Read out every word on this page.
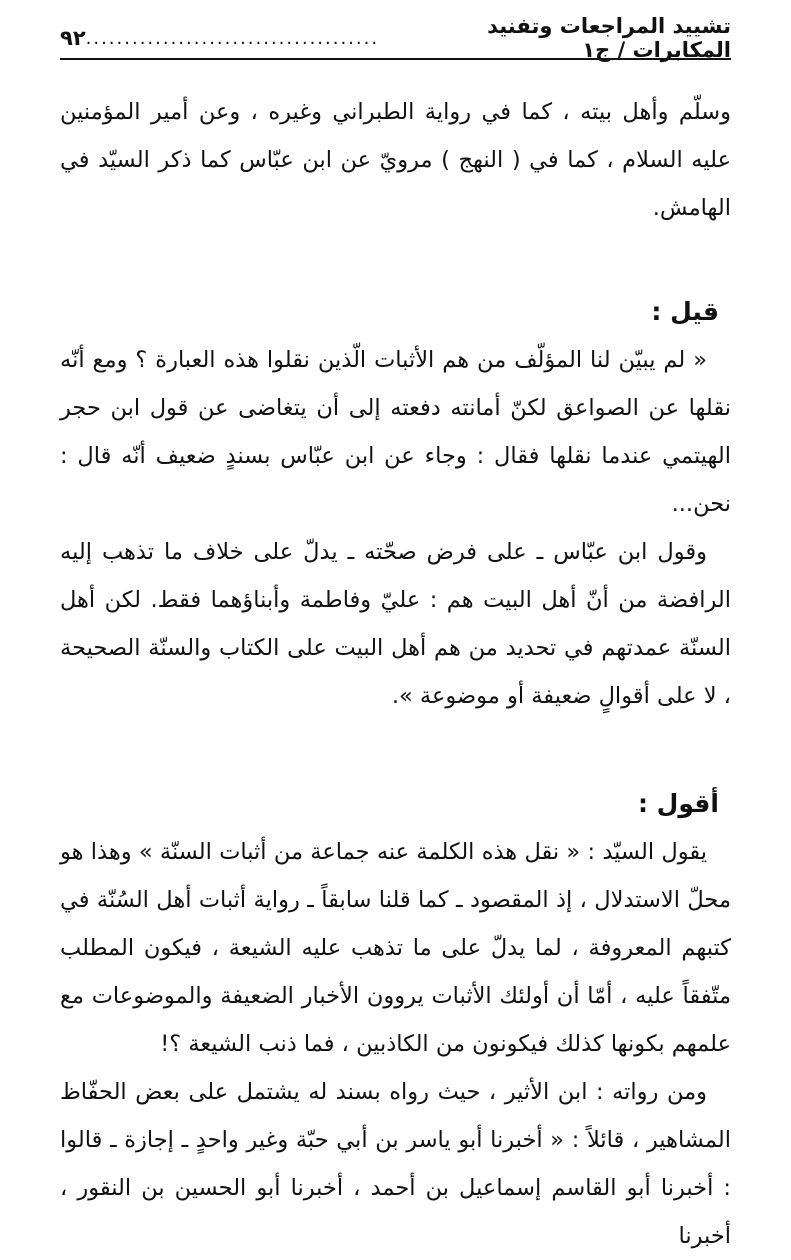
تشييد المراجعات وتفنيد المكابرات / ج١
......................................
٩٢

وسلّم وأهل بيته ، كما في رواية الطبراني وغيره ، وعن أمير المؤمنين عليه السلام ، كما في ( النهج ) مرويّ عن ابن عبّاس كما ذكر السيّد في الهامش.

قيل :

« لم يبيّن لنا المؤلّف من هم الأثبات الّذين نقلوا هذه العبارة ؟ ومع أنّه نقلها عن الصواعق لكنّ أمانته دفعته إلى أن يتغاضى عن قول ابن حجر الهيتمي عندما نقلها فقال : وجاء عن ابن عبّاس بسندٍ ضعيف أنّه قال : نحن...

وقول ابن عبّاس ـ على فرض صحّته ـ يدلّ على خلاف ما تذهب إليه الرافضة من أنّ أهل البيت هم : عليّ وفاطمة وأبناؤهما فقط. لكن أهل السنّة عمدتهم في تحديد من هم أهل البيت على الكتاب والسنّة الصحيحة ، لا على أقوالٍ ضعيفة أو موضوعة ».

أقول :

يقول السيّد : « نقل هذه الكلمة عنه جماعة من أثبات السنّة » وهذا هو محلّ الاستدلال ، إذ المقصود ـ كما قلنا سابقاً ـ رواية أثبات أهل السُنّة في كتبهم المعروفة ، لما يدلّ على ما تذهب عليه الشيعة ، فيكون المطلب متّفقاً عليه ، أمّا أن أولئك الأثبات يروون الأخبار الضعيفة والموضوعات مع علمهم بكونها كذلك فيكونون من الكاذبين ، فما ذنب الشيعة ؟!

ومن رواته : ابن الأثير ، حيث رواه بسند له يشتمل على بعض الحفّاظ المشاهير ، قائلاً : « أخبرنا أبو ياسر بن أبي حبّة وغير واحدٍ ـ إجازة ـ قالوا : أخبرنا أبو القاسم إسماعيل بن أحمد ، أخبرنا أبو الحسين بن النقور ، أخبرنا
